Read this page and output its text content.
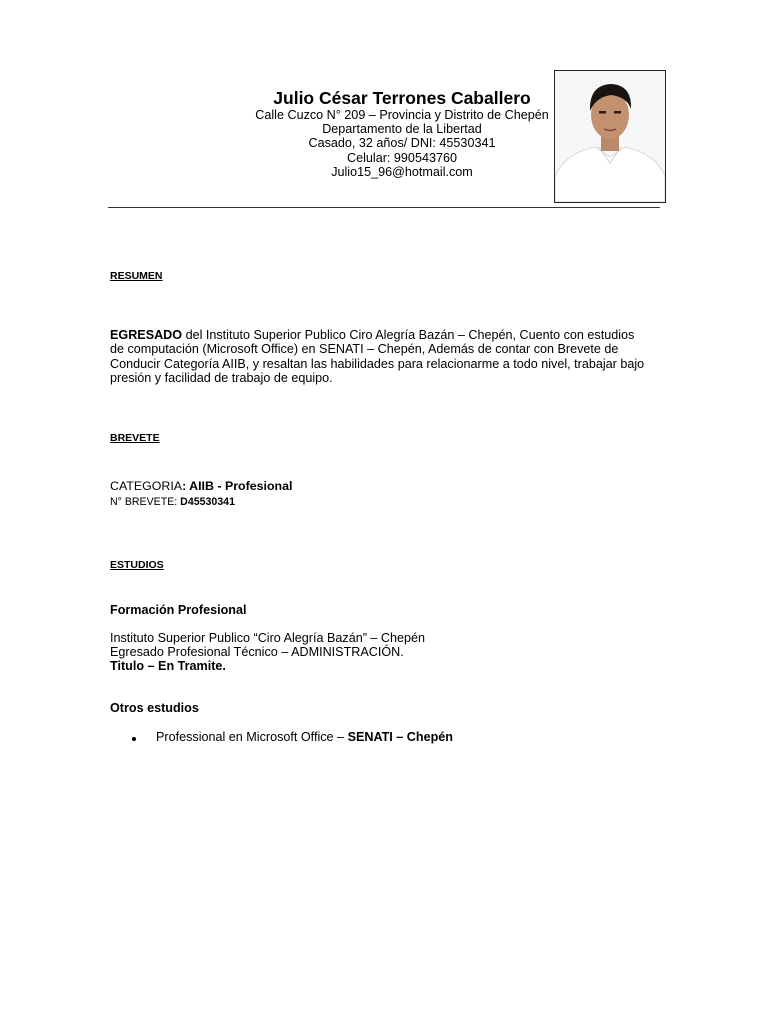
Julio César Terrones Caballero
Calle Cuzco N° 209 – Provincia y Distrito de Chepén
Departamento de la Libertad
Casado, 32 años/ DNI: 45530341
Celular: 990543760
Julio15_96@hotmail.com
RESUMEN
EGRESADO del Instituto Superior Publico Ciro Alegría Bazán – Chepén, Cuento con estudios
de computación (Microsoft Office) en SENATI – Chepén, Además de contar con Brevete de
Conducir Categoría AIIB, y resaltan las habilidades para relacionarme a todo nivel, trabajar bajo
presión y facilidad de trabajo de equipo.
BREVETE
CATEGORIA: AIIB - Profesional
N° BREVETE: D45530341
ESTUDIOS
Formación Profesional
Instituto Superior Publico “Ciro Alegría Bazán” – Chepén
Egresado Profesional Técnico – ADMINISTRACIÓN.
Titulo – En Tramite.
Otros estudios
Professional en Microsoft Office – SENATI – Chepén
